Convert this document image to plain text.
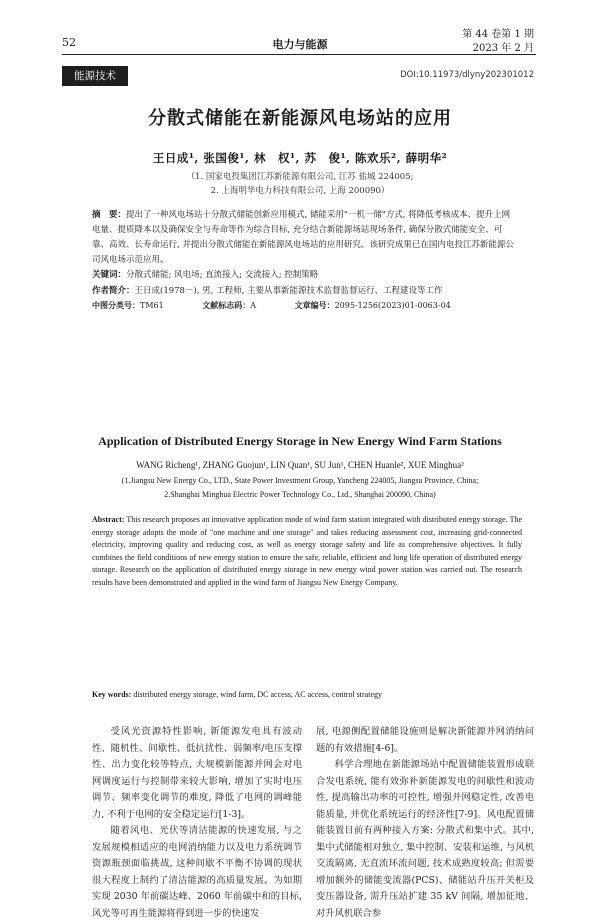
52	电力与能源
第 44 卷第 1 期
2023 年 2 月
能源技术	DOI:10.11973/dlyny202301012
分散式储能在新能源风电场站的应用
王日成¹, 张国俊¹, 林　权¹, 苏　俊¹, 陈欢乐², 薛明华²
（1. 国家电投集团江苏新能源有限公司, 江苏 盐城 224005;
2. 上海明华电力科技有限公司, 上海 200090）
摘　要：提出了一种风电场站十分散式储能创新应用模式, 储能采用"一机一储"方式, 将降低考核成本、提升上网电量、提质降本以及确保安全与寿命等作为综合目标, 充分结合新能源场站现场条件, 确保分散式储能安全、可靠、高效、长寿命运行, 并提出分散式储能在新能源风电场站的应用研究。该研究成果已在国内电投江苏新能源公司风电场示范应用。
关键词：分散式储能; 风电场; 直流接入; 交流接入; 控制策略
作者简介：王日成(1978－), 男, 工程师, 主要从事新能源技术监督监督运行、工程建设等工作
中图分类号：TM61	文献标志码：A	文章编号：2095-1256(2023)01-0063-04
Application of Distributed Energy Storage in New Energy Wind Farm Stations
WANG Richeng¹, ZHANG Guojun¹, LIN Quan¹, SU Jun¹, CHEN Huanle², XUE Minghua²
(1.Jiangsu New Energy Co., LTD., State Power Investment Group, Yancheng 224005, Jiangsu Province, China;
2.Shanghai Minghua Electric Power Technology Co., Ltd., Shanghai 200090, China)
Abstract: This research proposes an innovative application mode of wind farm station integrated with distributed energy storage. The energy storage adopts the mode of "one machine and one storage" and takes reducing assessment cost, increasing grid-connected electricity, improving quality and reducing cost, as well as energy storage safety and life as comprehensive objectives. It fully combines the field conditions of new energy station to ensure the safe, reliable, efficient and long life operation of distributed energy storage. Research on the application of distributed energy storage in new energy wind power station was carried out. The research results have been demonstrated and applied in the wind farm of Jiangsu New Energy Company.
Key words: distributed energy storage, wind farm, DC access, AC access, control strategy
受风光资源特性影响, 新能源发电具有波动性、随机性、间歇性、低抗扰性、弱频率/电压支撑性、出力变化较等特点, 大规模新能源并网会对电网调度运行与控制带来较大影响, 增加了实时电压调节、频率变化调节的难度, 降低了电网的调峰能力, 不利于电网的安全稳定运行[1-3]。
随着风电、光伏等清洁能源的快速发展, 与之发展规模相适应的电网消纳能力以及电力系统调节资源瓶颈面临挑战, 这种间歇不平衡不协调的现状很大程度上制约了清洁能源的高质量发展。为如期实现 2030 年前碳达峰、2060 年前碳中和的目标, 风光等可再生能源将得到进一步的快速发
展, 电源侧配置储能设施则是解决新能源并网消纳问题的有效措施[4-6]。
科学合理地在新能源场站中配置储能装置形成联合发电系统, 能有效弥补新能源发电的间歇性和波动性, 提高输出功率的可控性, 增强并网稳定性, 改善电能质量, 并优化系统运行的经济性[7-9]。风电配置储能装置目前有两种接入方案: 分散式和集中式。其中, 集中式储能相对独立, 集中控制、安装和运维, 与风机交流隔离, 无直流环流问题, 技术成熟度较高; 但需要增加额外的储能变流器(PCS)、储能站升压开关柜及变压器设备, 需升压站扩建 35 kV 间隔, 增加征地、对升风机联合参
